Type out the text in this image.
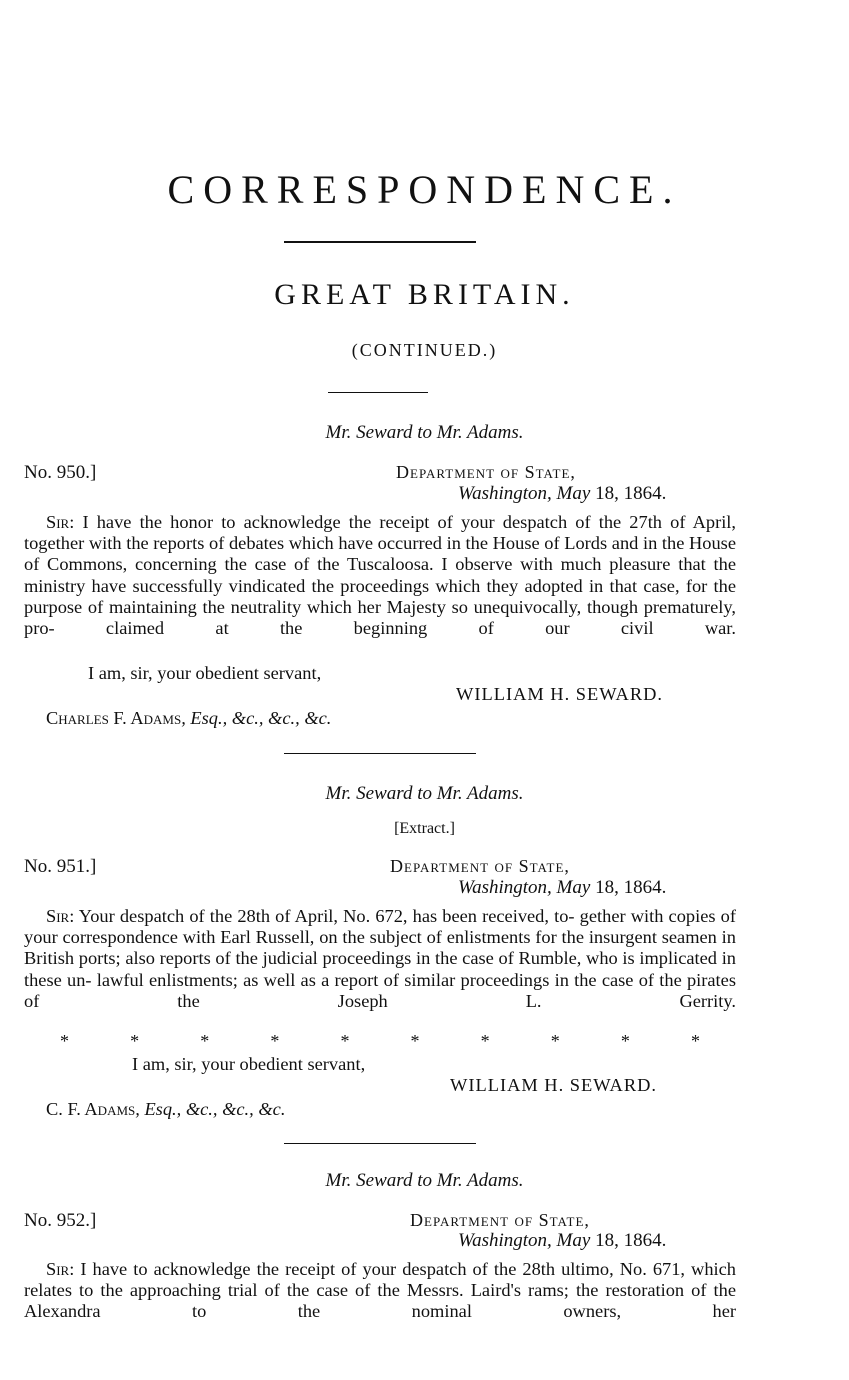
CORRESPONDENCE.
GREAT BRITAIN.
(CONTINUED.)
Mr. Seward to Mr. Adams.
No. 950.]	Department of State,
Washington, May 18, 1864.

Sir: I have the honor to acknowledge the receipt of your despatch of the 27th of April, together with the reports of debates which have occurred in the House of Lords and in the House of Commons, concerning the case of the Tuscaloosa. I observe with much pleasure that the ministry have successfully vindicated the proceedings which they adopted in that case, for the purpose of maintaining the neutrality which her Majesty so unequivocally, though prematurely, pro-	claimed at the beginning of our civil war.

I am, sir, your obedient servant,
WILLIAM H. SEWARD.
Charles F. Adams, Esq., &c., &c., &c.
Mr. Seward to Mr. Adams.
[Extract.]
No. 951.]	Department of State,
Washington, May 18, 1864.

Sir: Your despatch of the 28th of April, No. 672, has been received, to- gether with copies of your correspondence with Earl Russell, on the subject of enlistments for the insurgent seamen in British ports; also reports of the judicial proceedings in the case of Rumble, who is implicated in these un- lawful enlistments; as well as a report of similar proceedings in the case of the pirates of the Joseph L. Gerrity.

*	*	*	*	*	*	*	*	*	*
I am, sir, your obedient servant,
WILLIAM H. SEWARD.
C. F. Adams, Esq., &c., &c., &c.
Mr. Seward to Mr. Adams.
No. 952.]	Department of State,
Washington, May 18, 1864.

Sir: I have to acknowledge the receipt of your despatch of the 28th ultimo, No. 671, which relates to the approaching trial of the case of the Messrs. Laird's rams; the restoration of the Alexandra to the nominal owners, her
